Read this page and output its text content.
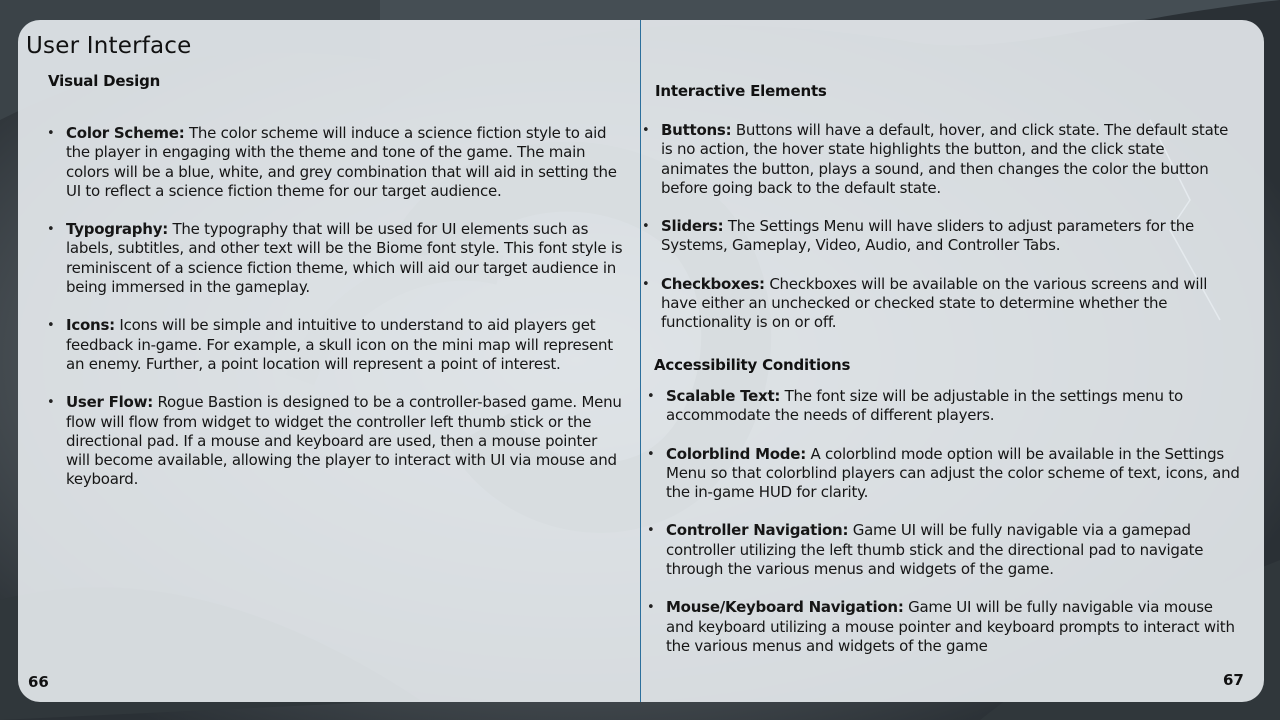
User Interface
Visual Design
• Color Scheme: The color scheme will induce a science fiction style to aid the player in engaging with the theme and tone of the game. The main colors will be a blue, white, and grey combination that will aid in setting the UI to reflect a science fiction theme for our target audience.
• Typography: The typography that will be used for UI elements such as labels, subtitles, and other text will be the Biome font style. This font style is reminiscent of a science fiction theme, which will aid our target audience in being immersed in the gameplay.
• Icons: Icons will be simple and intuitive to understand to aid players get feedback in-game. For example, a skull icon on the mini map will represent an enemy. Further, a point location will represent a point of interest.
• User Flow: Rogue Bastion is designed to be a controller-based game. Menu flow will flow from widget to widget the controller left thumb stick or the directional pad. If a mouse and keyboard are used, then a mouse pointer will become available, allowing the player to interact with UI via mouse and keyboard.

66

Interactive Elements
• Buttons: Buttons will have a default, hover, and click state. The default state is no action, the hover state highlights the button, and the click state animates the button, plays a sound, and then changes the color the button before going back to the default state.
• Sliders: The Settings Menu will have sliders to adjust parameters for the Systems, Gameplay, Video, Audio, and Controller Tabs.
• Checkboxes: Checkboxes will be available on the various screens and will have either an unchecked or checked state to determine whether the functionality is on or off.
Accessibility Conditions
• Scalable Text: The font size will be adjustable in the settings menu to accommodate the needs of different players.
• Colorblind Mode: A colorblind mode option will be available in the Settings Menu so that colorblind players can adjust the color scheme of text, icons, and the in-game HUD for clarity.
• Controller Navigation: Game UI will be fully navigable via a gamepad controller utilizing the left thumb stick and the directional pad to navigate through the various menus and widgets of the game.
• Mouse/Keyboard Navigation: Game UI will be fully navigable via mouse and keyboard utilizing a mouse pointer and keyboard prompts to interact with the various menus and widgets of the game

67
